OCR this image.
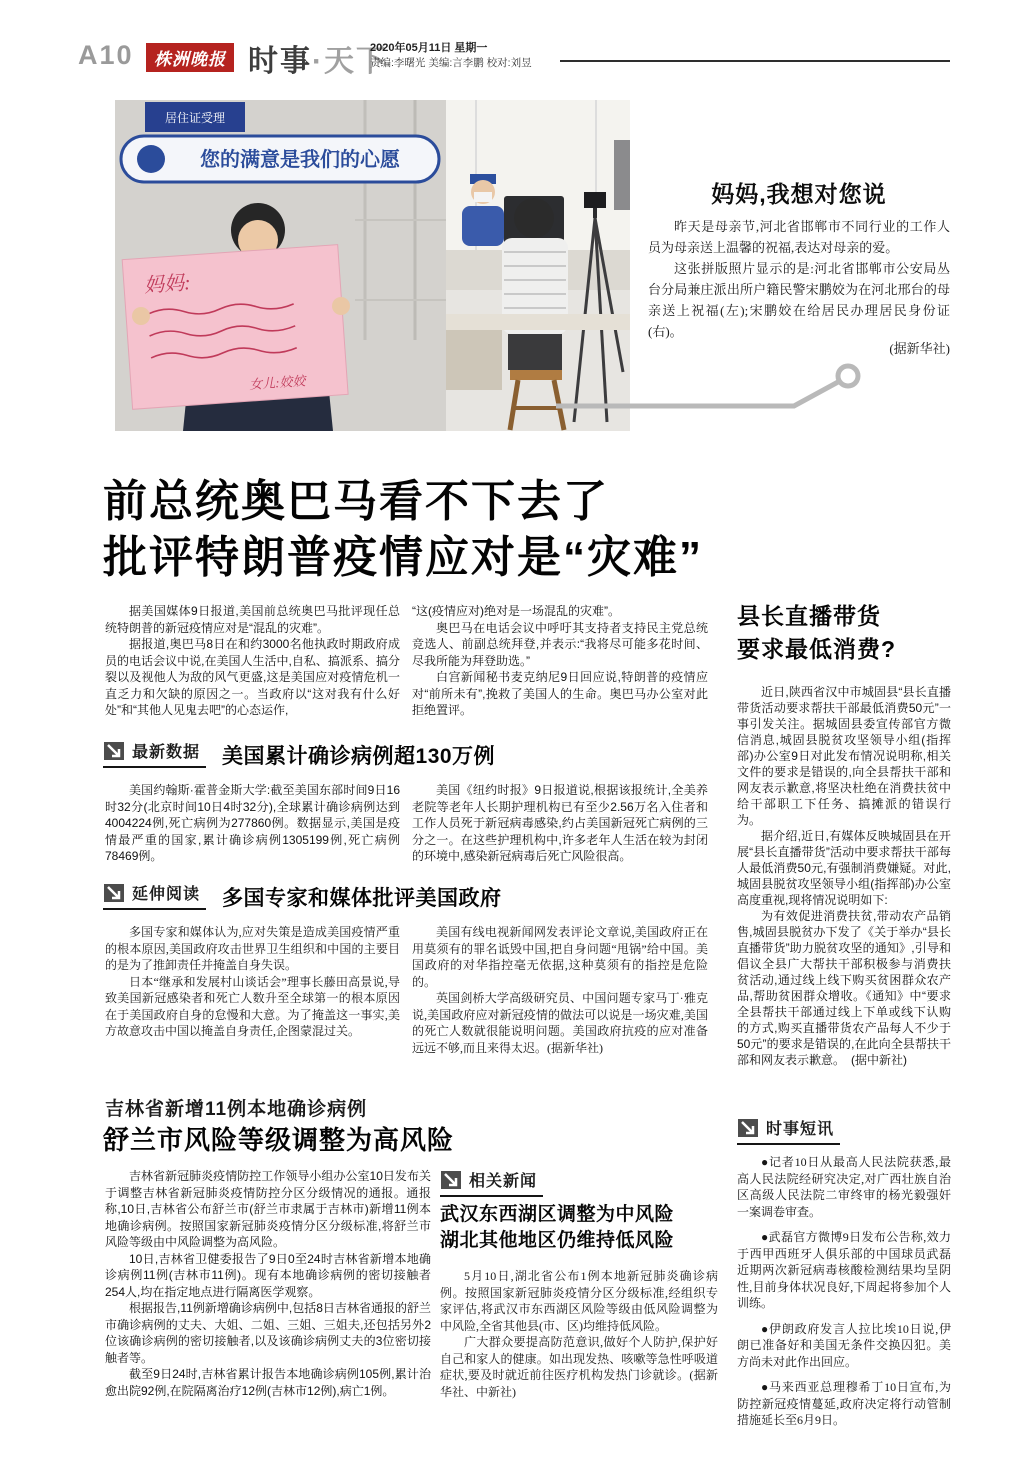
A10	株洲晚报 时事·天下
2020年05月11日 星期一
责编:李曙光 美编:言李鹏 校对:刘昱
居住证受理
您的满意是我们的心愿
妈妈:
女儿:姣姣
妈妈,我想对您说

昨天是母亲节,河北省邯郸市不同行业的工作人员为母亲送上温馨的祝福,表达对母亲的爱。

这张拼版照片显示的是:河北省邯郸市公安局丛台分局兼庄派出所户籍民警宋鹏姣为在河北邢台的母亲送上祝福(左);宋鹏姣在给居民办理居民身份证(右)。

(据新华社)
前总统奥巴马看不下去了
批评特朗普疫情应对是“灾难”

据美国媒体9日报道,美国前总统奥巴马批评现任总统特朗普的新冠疫情应对是“混乱的灾难”。

据报道,奥巴马8日在和约3000名他执政时期政府成员的电话会议中说,在美国人生活中,自私、搞派系、搞分裂以及视他人为敌的风气更盛,这是美国应对疫情危机一直乏力和欠缺的原因之一。当政府以“这对我有什么好处”和“其他人见鬼去吧”的心态运作,

“这(疫情应对)绝对是一场混乱的灾难”。

奥巴马在电话会议中呼吁其支持者支持民主党总统竞选人、前副总统拜登,并表示:“我将尽可能多花时间、尽我所能为拜登助选。”

白宫新闻秘书麦克纳尼9日回应说,特朗普的疫情应对“前所未有”,挽救了美国人的生命。奥巴马办公室对此拒绝置评。

最新数据 美国累计确诊病例超130万例

美国约翰斯·霍普金斯大学:截至美国东部时间9日16时32分(北京时间10日4时32分),全球累计确诊病例达到4004224例,死亡病例为277860例。数据显示,美国是疫情最严重的国家,累计确诊病例1305199例,死亡病例78469例。

美国《纽约时报》9日报道说,根据该报统计,全美养老院等老年人长期护理机构已有至少2.56万名入住者和工作人员死于新冠病毒感染,约占美国新冠死亡病例的三分之一。在这些护理机构中,许多老年人生活在较为封闭的环境中,感染新冠病毒后死亡风险很高。

延伸阅读 多国专家和媒体批评美国政府

多国专家和媒体认为,应对失策是造成美国疫情严重的根本原因,美国政府攻击世界卫生组织和中国的主要目的是为了推卸责任并掩盖自身失误。

日本“继承和发展村山谈话会”理事长藤田高景说,导致美国新冠感染者和死亡人数升至全球第一的根本原因在于美国政府自身的怠慢和大意。为了掩盖这一事实,美方故意攻击中国以掩盖自身责任,企图蒙混过关。

美国有线电视新闻网发表评论文章说,美国政府正在用莫须有的罪名诋毁中国,把自身问题“甩锅”给中国。美国政府的对华指控毫无依据,这种莫须有的指控是危险的。

英国剑桥大学高级研究员、中国问题专家马丁·雅克说,美国政府应对新冠疫情的做法可以说是一场灾难,美国的死亡人数就很能说明问题。美国政府抗疫的应对准备远远不够,而且来得太迟。(据新华社)

吉林省新增11例本地确诊病例
舒兰市风险等级调整为高风险

吉林省新冠肺炎疫情防控工作领导小组办公室10日发布关于调整吉林省新冠肺炎疫情防控分区分级情况的通报。通报称,10日,吉林省公布舒兰市(舒兰市隶属于吉林市)新增11例本地确诊病例。按照国家新冠肺炎疫情分区分级标准,将舒兰市风险等级由中风险调整为高风险。

10日,吉林省卫健委报告了9日0至24时吉林省新增本地确诊病例11例(吉林市11例)。现有本地确诊病例的密切接触者254人,均在指定地点进行隔离医学观察。

根据报告,11例新增确诊病例中,包括8日吉林省通报的舒兰市确诊病例的丈夫、大姐、二姐、三姐、三姐夫,还包括另外2位该确诊病例的密切接触者,以及该确诊病例丈夫的3位密切接触者等。

截至9日24时,吉林省累计报告本地确诊病例105例,累计治愈出院92例,在院隔离治疗12例(吉林市12例),病亡1例。

相关新闻
武汉东西湖区调整为中风险
湖北其他地区仍维持低风险

5月10日,湖北省公布1例本地新冠肺炎确诊病例。按照国家新冠肺炎疫情分区分级标准,经组织专家评估,将武汉市东西湖区风险等级由低风险调整为中风险,全省其他县(市、区)均维持低风险。

广大群众要提高防范意识,做好个人防护,保护好自己和家人的健康。如出现发热、咳嗽等急性呼吸道症状,要及时就近前往医疗机构发热门诊就诊。(据新华社、中新社)

县长直播带货
要求最低消费?

近日,陕西省汉中市城固县“县长直播带货活动要求帮扶干部最低消费50元”一事引发关注。据城固县委宣传部官方微信消息,城固县脱贫攻坚领导小组(指挥部)办公室9日对此发布情况说明称,相关文件的要求是错误的,向全县帮扶干部和网友表示歉意,将坚决杜绝在消费扶贫中给干部职工下任务、搞摊派的错误行为。

据介绍,近日,有媒体反映城固县在开展“县长直播带货”活动中要求帮扶干部每人最低消费50元,有强制消费嫌疑。对此,城固县脱贫攻坚领导小组(指挥部)办公室高度重视,现将情况说明如下:

为有效促进消费扶贫,带动农产品销售,城固县脱贫办下发了《关于举办“县长直播带货”助力脱贫攻坚的通知》,引导和倡议全县广大帮扶干部积极参与消费扶贫活动,通过线上线下购买贫困群众农产品,帮助贫困群众增收。《通知》中“要求全县帮扶干部通过线上下单或线下认购的方式,购买直播带货农产品每人不少于50元”的要求是错误的,在此向全县帮扶干部和网友表示歉意。　(据中新社)

时事短讯

●记者10日从最高人民法院获悉,最高人民法院经研究决定,对广西壮族自治区高级人民法院二审终审的杨光毅强奸一案调卷审查。

●武磊官方微博9日发布公告称,效力于西甲西班牙人俱乐部的中国球员武磊近期两次新冠病毒核酸检测结果均呈阴性,目前身体状况良好,下周起将参加个人训练。

●伊朗政府发言人拉比埃10日说,伊朗已准备好和美国无条件交换囚犯。美方尚未对此作出回应。

●马来西亚总理穆希丁10日宣布,为防控新冠疫情蔓延,政府决定将行动管制措施延长至6月9日。
